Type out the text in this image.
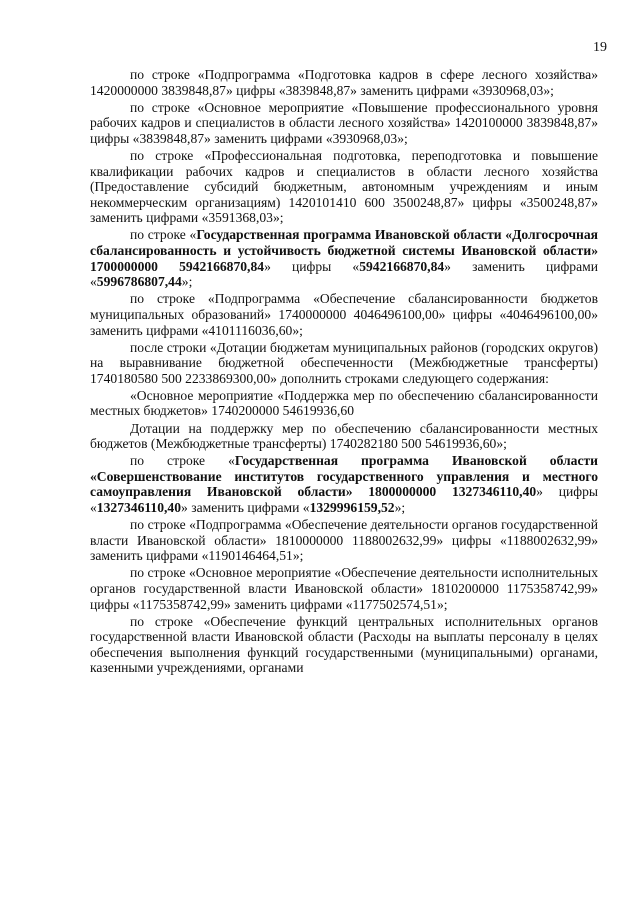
19

по строке «Подпрограмма «Подготовка кадров в сфере лесного хозяйства» 1420000000 3839848,87» цифры «3839848,87» заменить цифрами «3930968,03»;

по строке «Основное мероприятие «Повышение профессионального уровня рабочих кадров и специалистов в области лесного хозяйства» 1420100000 3839848,87» цифры «3839848,87» заменить цифрами «3930968,03»;

по строке «Профессиональная подготовка, переподготовка и повышение квалификации рабочих кадров и специалистов в области лесного хозяйства (Предоставление субсидий бюджетным, автономным учреждениям и иным некоммерческим организациям) 1420101410 600 3500248,87» цифры «3500248,87» заменить цифрами «3591368,03»;

по строке «Государственная программа Ивановской области «Долгосрочная сбалансированность и устойчивость бюджетной системы Ивановской области» 1700000000 5942166870,84» цифры «5942166870,84» заменить цифрами «5996786807,44»;

по строке «Подпрограмма «Обеспечение сбалансированности бюджетов муниципальных образований» 1740000000 4046496100,00» цифры «4046496100,00» заменить цифрами «4101116036,60»;

после строки «Дотации бюджетам муниципальных районов (городских округов) на выравнивание бюджетной обеспеченности (Межбюджетные трансферты) 1740180580 500 2233869300,00» дополнить строками следующего содержания:

«Основное мероприятие «Поддержка мер по обеспечению сбалансированности местных бюджетов» 1740200000 54619936,60

Дотации на поддержку мер по обеспечению сбалансированности местных бюджетов (Межбюджетные трансферты) 1740282180 500 54619936,60»;

по строке «Государственная программа Ивановской области «Совершенствование институтов государственного управления и местного самоуправления Ивановской области» 1800000000 1327346110,40» цифры «1327346110,40» заменить цифрами «1329996159,52»;

по строке «Подпрограмма «Обеспечение деятельности органов государственной власти Ивановской области» 1810000000 1188002632,99» цифры «1188002632,99» заменить цифрами «1190146464,51»;

по строке «Основное мероприятие «Обеспечение деятельности исполнительных органов государственной власти Ивановской области» 1810200000 1175358742,99» цифры «1175358742,99» заменить цифрами «1177502574,51»;

по строке «Обеспечение функций центральных исполнительных органов государственной власти Ивановской области (Расходы на выплаты персоналу в целях обеспечения выполнения функций государственными (муниципальными) органами, казенными учреждениями, органами
